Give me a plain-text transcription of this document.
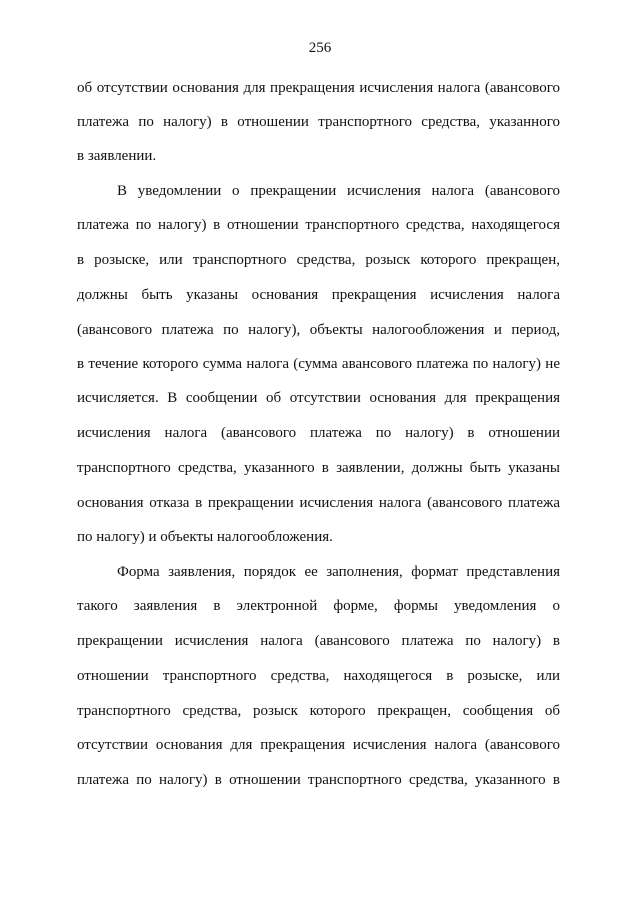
256
об отсутствии основания для прекращения исчисления налога (авансового
платежа по налогу) в отношении транспортного средства, указанного
в заявлении.
В уведомлении о прекращении исчисления налога (авансового
платежа по налогу) в отношении транспортного средства, находящегося
в розыске, или транспортного средства, розыск которого прекращен,
должны быть указаны основания прекращения исчисления налога
(авансового платежа по налогу), объекты налогообложения и период,
в течение которого сумма налога (сумма авансового платежа по налогу) не
исчисляется. В сообщении об отсутствии основания для прекращения
исчисления налога (авансового платежа по налогу) в отношении
транспортного средства, указанного в заявлении, должны быть указаны
основания отказа в прекращении исчисления налога (авансового платежа
по налогу) и объекты налогообложения.
Форма заявления, порядок ее заполнения, формат представления
такого заявления в электронной форме, формы уведомления о
прекращении исчисления налога (авансового платежа по налогу) в
отношении транспортного средства, находящегося в розыске, или
транспортного средства, розыск которого прекращен, сообщения об
отсутствии основания для прекращения исчисления налога (авансового
платежа по налогу) в отношении транспортного средства, указанного в
